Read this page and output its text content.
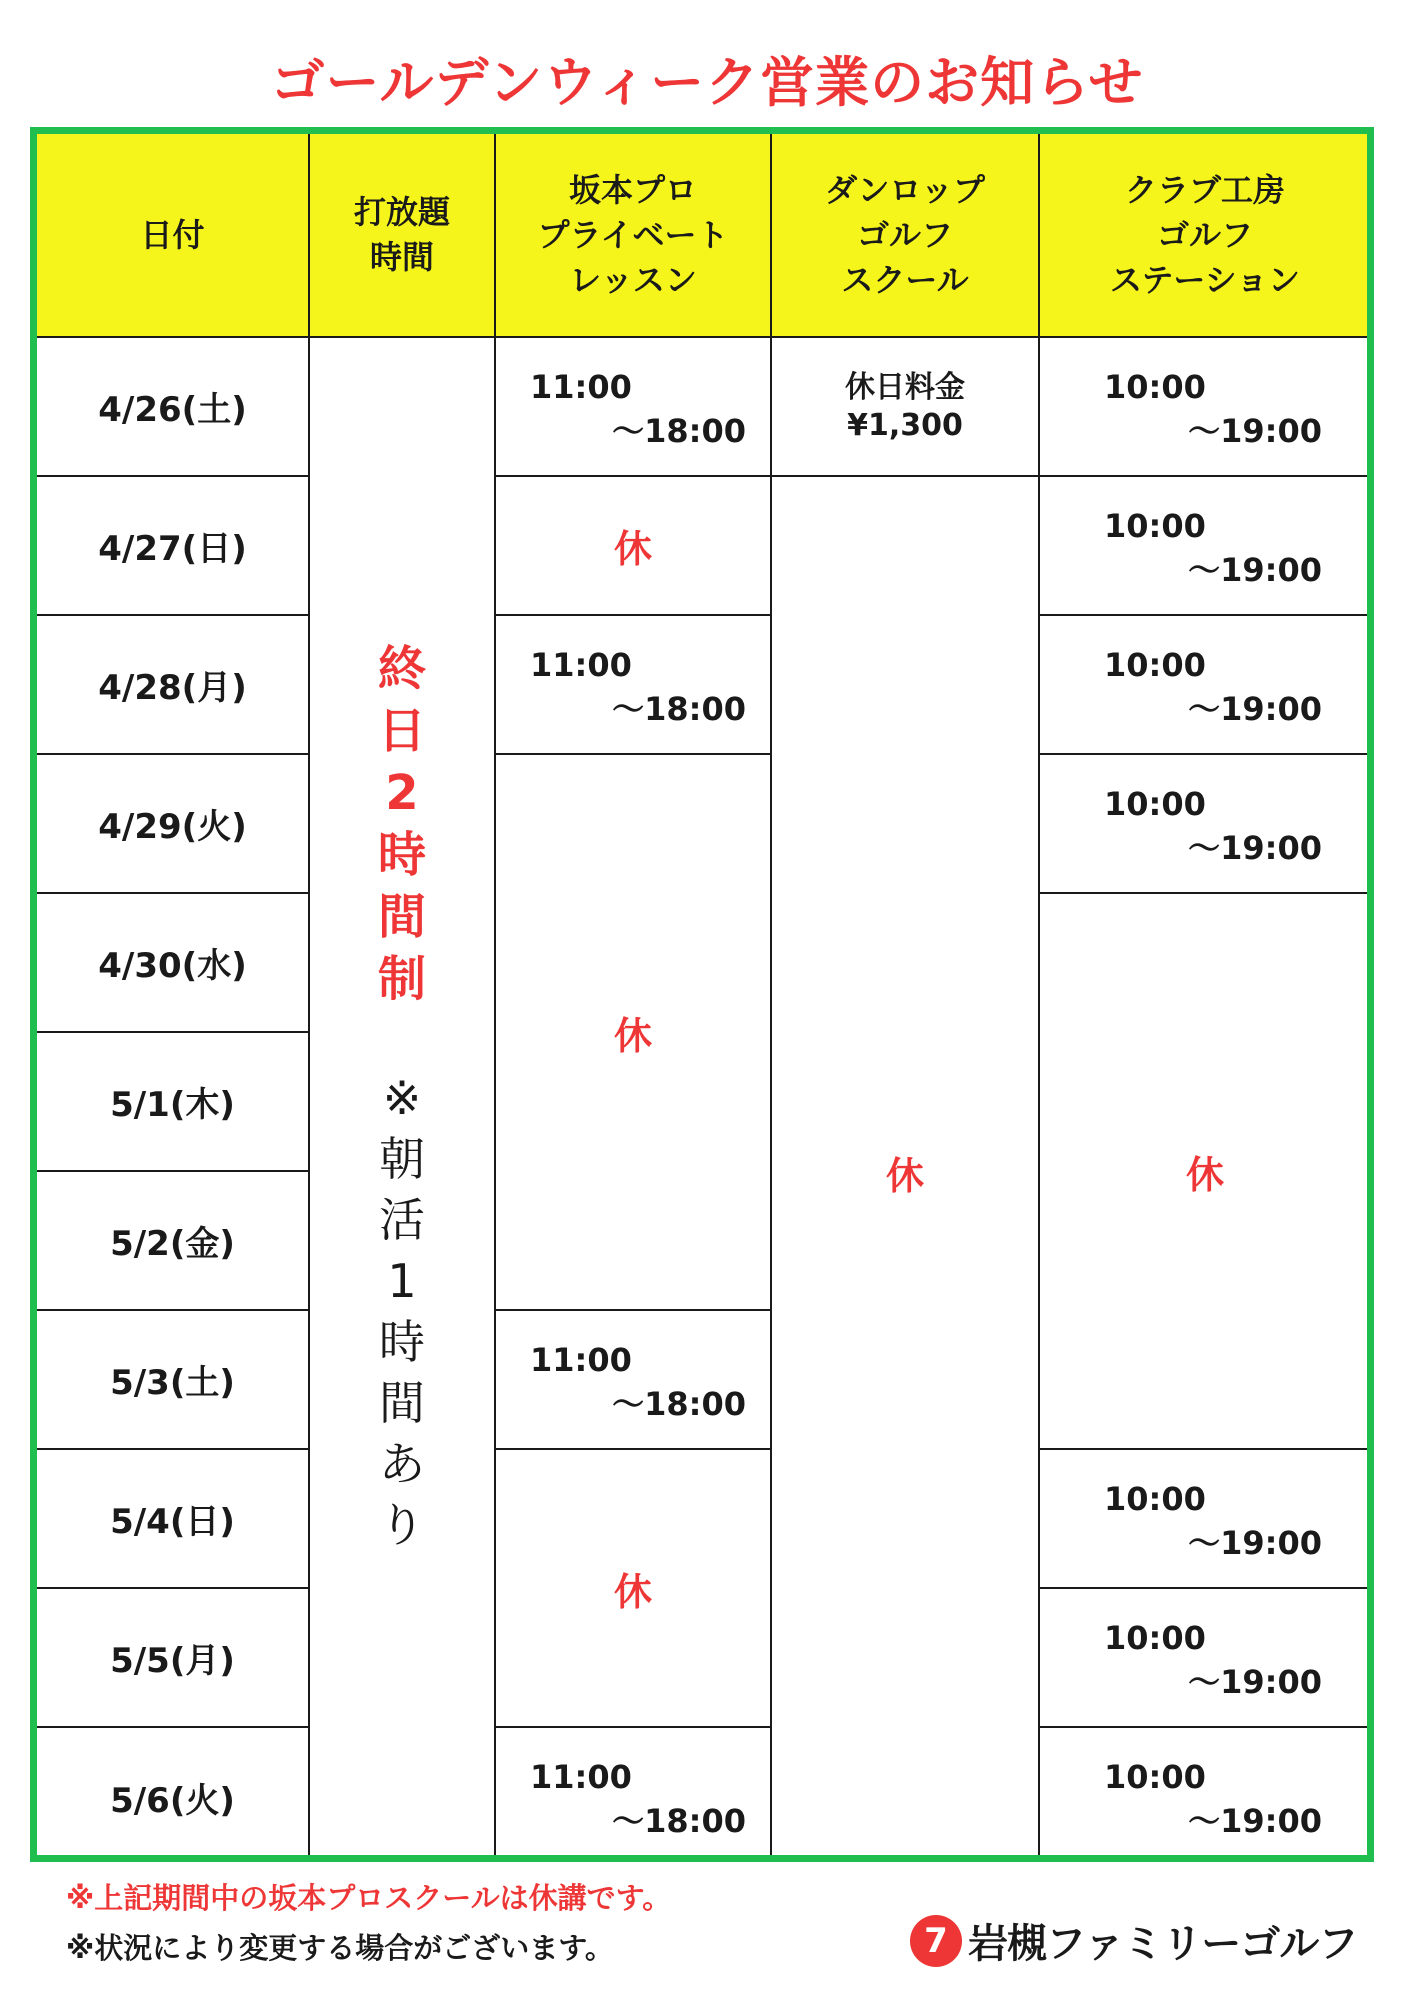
ゴールデンウィーク営業のお知らせ
日付
打放題
時間
坂本プロ
プライベート
レッスン
ダンロップ
ゴルフ
スクール
クラブ工房
ゴルフ
ステーション
4/26(土)
4/27(日)
4/28(月)
4/29(火)
4/30(水)
5/1(木)
5/2(金)
5/3(土)
5/4(日)
5/5(月)
5/6(火)
終
日
2
時
間
制
※
朝
活
1
時
間
あ
り
11:00
〜18:00
休
11:00
〜18:00
休
11:00
〜18:00
休
11:00
〜18:00
休日料金
¥1,300
休
10:00
〜19:00
10:00
〜19:00
10:00
〜19:00
10:00
〜19:00
休
10:00
〜19:00
10:00
〜19:00
10:00
〜19:00
※上記期間中の坂本プロスクールは休講です。
※状況により変更する場合がございます。	7 岩槻ファミリーゴルフ
